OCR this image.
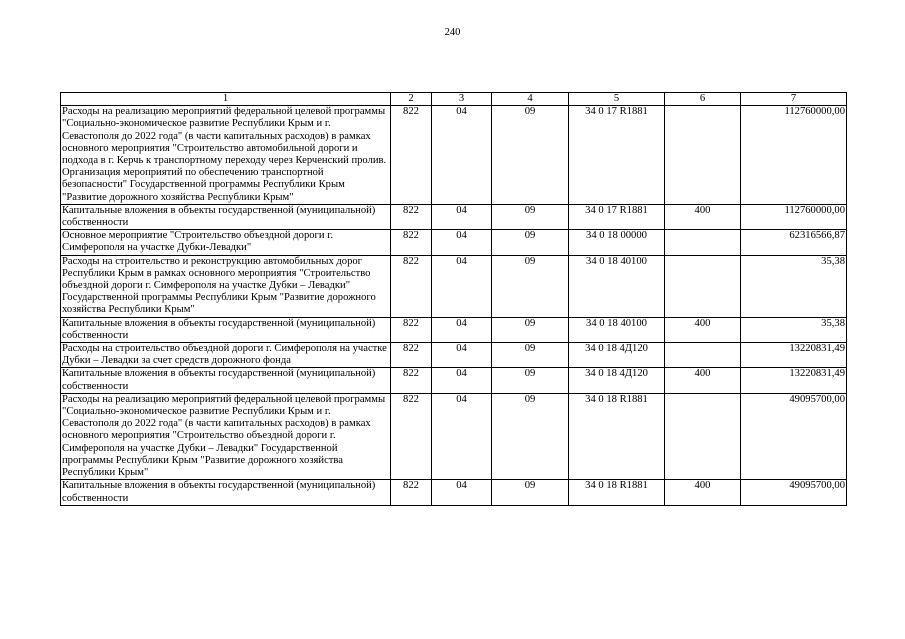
240
1	2	3	4	5	6	7
Расходы на реализацию мероприятий федеральной целевой программы "Социально-экономическое развитие Республики Крым и г. Севастополя до 2022 года" (в части капитальных расходов) в рамках основного мероприятия "Строительство автомобильной дороги и подхода в г. Керчь к транспортному переходу через Керченский пролив. Организация мероприятий по обеспечению транспортной безопасности" Государственной программы Республики Крым "Развитие дорожного хозяйства Республики Крым"	822	04	09	34 0 17 R1881		112760000,00
Капитальные вложения в объекты государственной (муниципальной) собственности	822	04	09	34 0 17 R1881	400	112760000,00
Основное мероприятие "Строительство объездной дороги г. Симферополя на участке Дубки-Левадки"	822	04	09	34 0 18 00000		62316566,87
Расходы на строительство и реконструкцию автомобильных дорог Республики Крым в рамках основного мероприятия "Строительство объездной дороги г. Симферополя на участке Дубки – Левадки" Государственной программы Республики Крым "Развитие дорожного хозяйства Республики Крым"	822	04	09	34 0 18 40100		35,38
Капитальные вложения в объекты государственной (муниципальной) собственности	822	04	09	34 0 18 40100	400	35,38
Расходы на строительство объездной дороги г. Симферополя на участке Дубки – Левадки за счет средств дорожного фонда	822	04	09	34 0 18 4Д120		13220831,49
Капитальные вложения в объекты государственной (муниципальной) собственности	822	04	09	34 0 18 4Д120	400	13220831,49
Расходы на реализацию мероприятий федеральной целевой программы "Социально-экономическое развитие Республики Крым и г. Севастополя до 2022 года" (в части капитальных расходов) в рамках основного мероприятия "Строительство объездной дороги г. Симферополя на участке Дубки – Левадки" Государственной программы Республики Крым "Развитие дорожного хозяйства Республики Крым"	822	04	09	34 0 18 R1881		49095700,00
Капитальные вложения в объекты государственной (муниципальной) собственности	822	04	09	34 0 18 R1881	400	49095700,00
